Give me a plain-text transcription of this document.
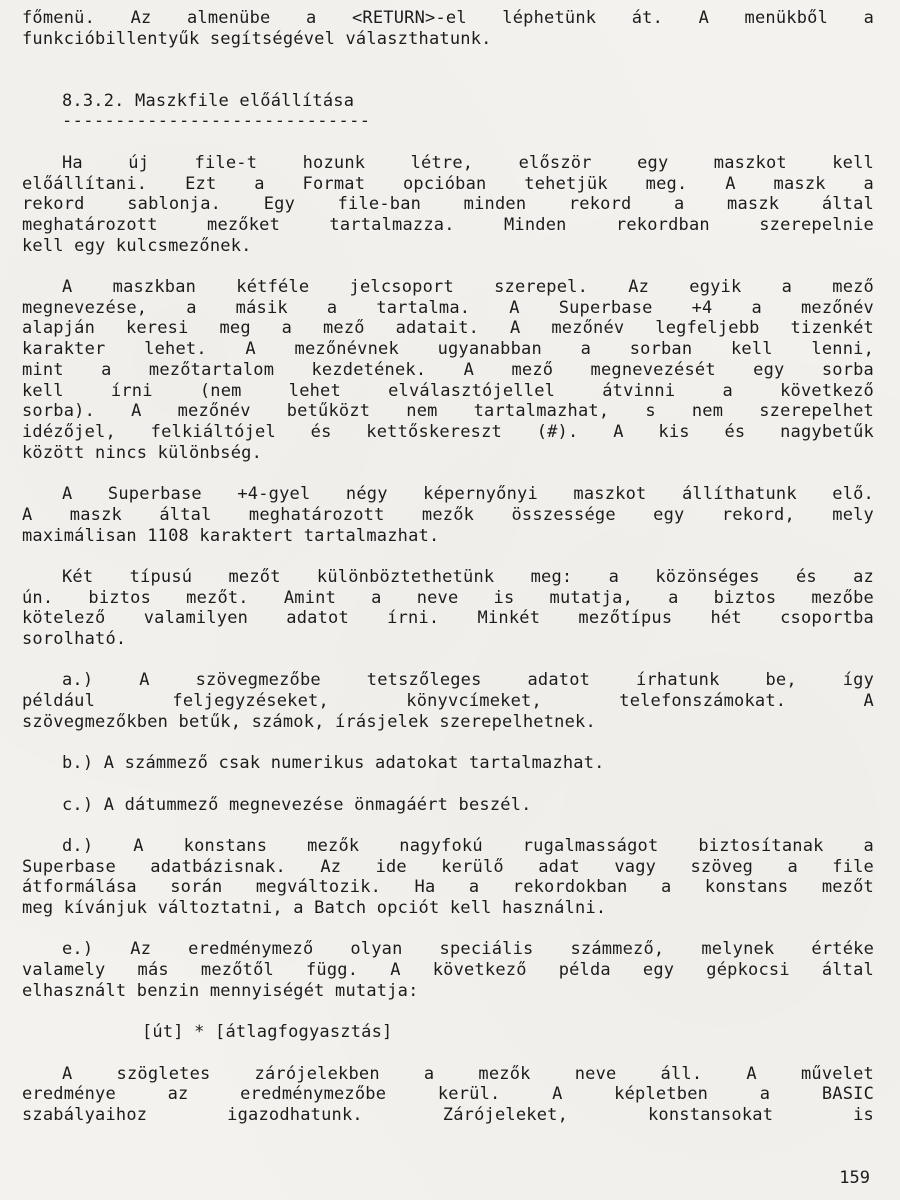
főmenü. Az almenübe a <RETURN>-el léphetünk át. A menükből a
funkcióbillentyűk segítségével választhatunk.
8.3.2. Maszkfile előállítása
-----------------------------
Ha új file-t hozunk létre, először egy maszkot kell
előállítani. Ezt a Format opcióban tehetjük meg. A maszk a
rekord sablonja. Egy file-ban minden rekord a maszk által
meghatározott mezőket tartalmazza. Minden rekordban szerepelnie
kell egy kulcsmezőnek.
A maszkban kétféle jelcsoport szerepel. Az egyik a mező
megnevezése, a másik a tartalma. A Superbase +4 a mezőnév
alapján keresi meg a mező adatait. A mezőnév legfeljebb tizenkét
karakter lehet. A mezőnévnek ugyanabban a sorban kell lenni,
mint a mezőtartalom kezdetének. A mező megnevezését egy sorba
kell írni (nem lehet elválasztójellel átvinni a következő
sorba). A mezőnév betűközt nem tartalmazhat, s nem szerepelhet
idézőjel, felkiáltójel és kettőskereszt (#). A kis és nagybetűk
között nincs különbség.
A Superbase +4-gyel négy képernyőnyi maszkot állíthatunk elő.
A maszk által meghatározott mezők összessége egy rekord, mely
maximálisan 1108 karaktert tartalmazhat.
Két típusú mezőt különböztethetünk meg: a közönséges és az
ún. biztos mezőt. Amint a neve is mutatja, a biztos mezőbe
kötelező valamilyen adatot írni. Minkét mezőtípus hét csoportba
sorolható.
a.) A szövegmezőbe tetszőleges adatot írhatunk be, így
például feljegyzéseket, könyvcímeket, telefonszámokat. A
szövegmezőkben betűk, számok, írásjelek szerepelhetnek.
b.) A számmező csak numerikus adatokat tartalmazhat.
c.) A dátummező megnevezése önmagáért beszél.
d.) A konstans mezők nagyfokú rugalmasságot biztosítanak a
Superbase adatbázisnak. Az ide kerülő adat vagy szöveg a file
átformálása során megváltozik. Ha a rekordokban a konstans mezőt
meg kívánjuk változtatni, a Batch opciót kell használni.
e.) Az eredménymező olyan speciális számmező, melynek értéke
valamely más mezőtől függ. A következő példa egy gépkocsi által
elhasznált benzin mennyiségét mutatja:
[út] * [átlagfogyasztás]
A szögletes zárójelekben a mezők neve áll. A művelet
eredménye az eredménymezőbe kerül. A képletben a BASIC
szabályaihoz igazodhatunk. Zárójeleket, konstansokat is
159
